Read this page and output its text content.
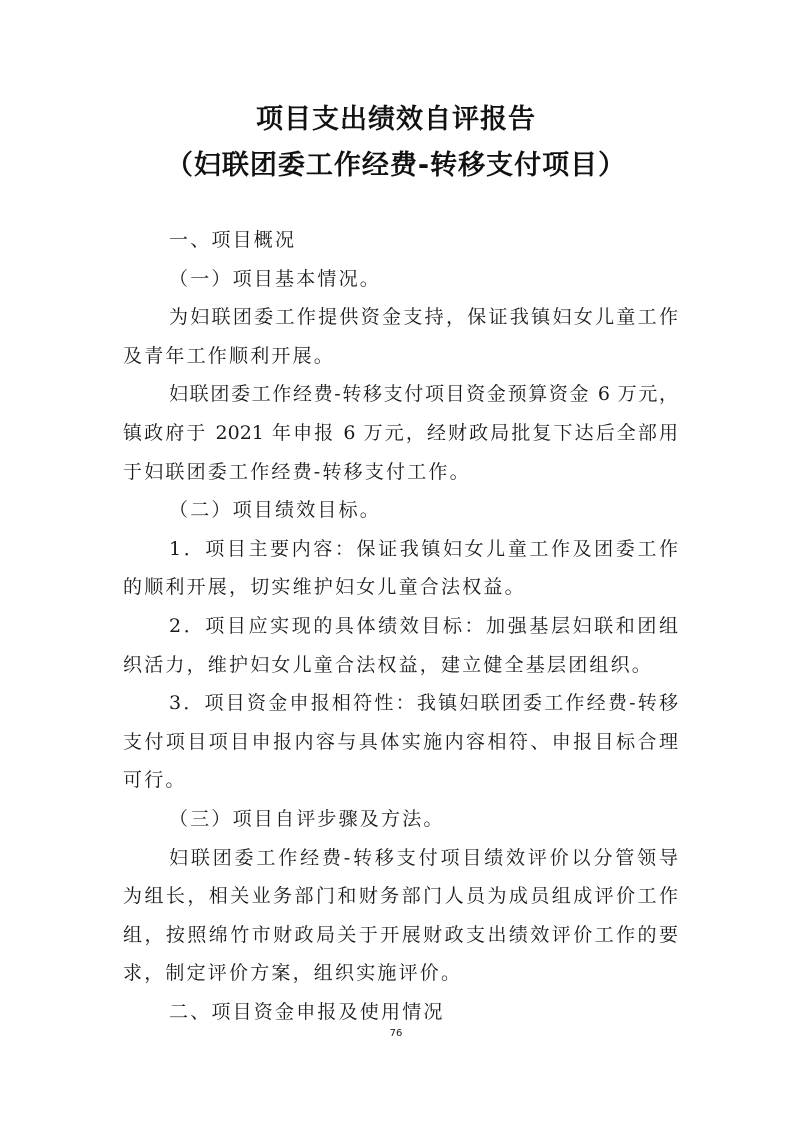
项目支出绩效自评报告
（妇联团委工作经费-转移支付项目）
一、项目概况
（一）项目基本情况。
为妇联团委工作提供资金支持，保证我镇妇女儿童工作
及青年工作顺利开展。
妇联团委工作经费-转移支付项目资金预算资金 6 万元，
镇政府于 2021 年申报 6 万元，经财政局批复下达后全部用
于妇联团委工作经费-转移支付工作。
（二）项目绩效目标。
1．项目主要内容：保证我镇妇女儿童工作及团委工作
的顺利开展，切实维护妇女儿童合法权益。
2．项目应实现的具体绩效目标：加强基层妇联和团组
织活力，维护妇女儿童合法权益，建立健全基层团组织。
3．项目资金申报相符性：我镇妇联团委工作经费-转移
支付项目项目申报内容与具体实施内容相符、申报目标合理
可行。
（三）项目自评步骤及方法。
妇联团委工作经费-转移支付项目绩效评价以分管领导
为组长，相关业务部门和财务部门人员为成员组成评价工作
组，按照绵竹市财政局关于开展财政支出绩效评价工作的要
求，制定评价方案，组织实施评价。
二、项目资金申报及使用情况
76
